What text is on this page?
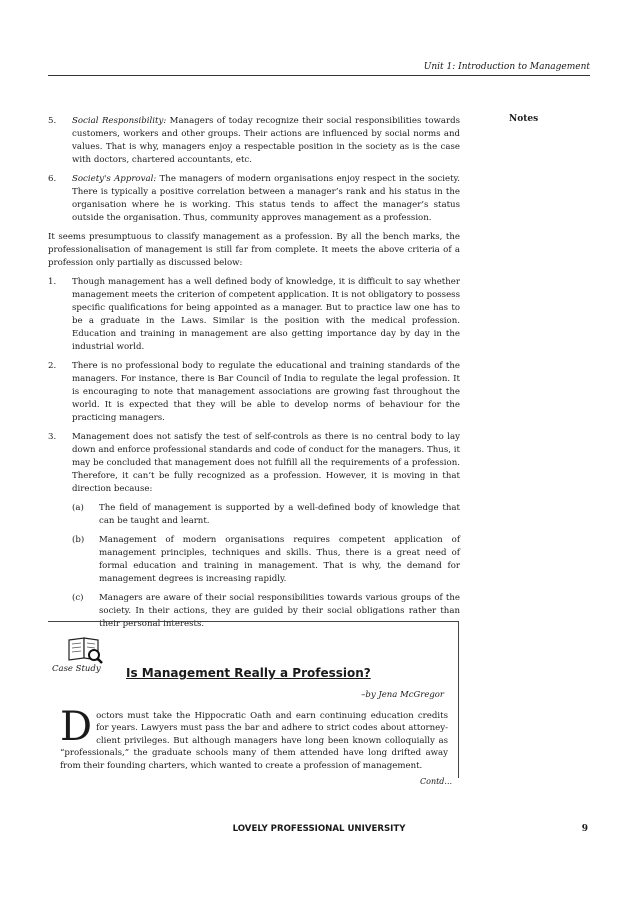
Unit 1: Introduction to Management
Notes
5.	Social Responsibility: Managers of today recognize their social responsibilities towards customers, workers and other groups. Their actions are influenced by social norms and values. That is why, managers enjoy a respectable position in the society as is the case with doctors, chartered accountants, etc.
6.	Society's Approval: The managers of modern organisations enjoy respect in the society. There is typically a positive correlation between a manager’s rank and his status in the organisation where he is working. This status tends to affect the manager’s status outside the organisation. Thus, community approves management as a profession.

It seems presumptuous to classify management as a profession. By all the bench marks, the professionalisation of management is still far from complete. It meets the above criteria of a profession only partially as discussed below:

1.	Though management has a well defined body of knowledge, it is difficult to say whether management meets the criterion of competent application. It is not obligatory to possess specific qualifications for being appointed as a manager. But to practice law one has to be a graduate in the Laws. Similar is the position with the medical profession. Education and training in management are also getting importance day by day in the industrial world.
2.	There is no professional body to regulate the educational and training standards of the managers. For instance, there is Bar Council of India to regulate the legal profession. It is encouraging to note that management associations are growing fast throughout the world. It is expected that they will be able to develop norms of behaviour for the practicing managers.
3.	Management does not satisfy the test of self-controls as there is no central body to lay down and enforce professional standards and code of conduct for the managers. Thus, it may be concluded that management does not fulfill all the requirements of a profession. Therefore, it can’t be fully recognized as a profession. However, it is moving in that direction because:
(a)	The field of management is supported by a well-defined body of knowledge that can be taught and learnt.
(b)	Management of modern organisations requires competent application of management principles, techniques and skills. Thus, there is a great need of formal education and training in management. That is why, the demand for management degrees is increasing rapidly.
(c)	Managers are aware of their social responsibilities towards various groups of the society. In their actions, they are guided by their social obligations rather than their personal interests.
Case Study Is Management Really a Profession?
–by Jena McGregor
Doctors must take the Hippocratic Oath and earn continuing education credits for years. Lawyers must pass the bar and adhere to strict codes about attorney-client privileges. But although managers have long been known colloquially as “professionals,” the graduate schools many of them attended have long drifted away from their founding charters, which wanted to create a profession of management.
Contd...
LOVELY PROFESSIONAL UNIVERSITY	9
